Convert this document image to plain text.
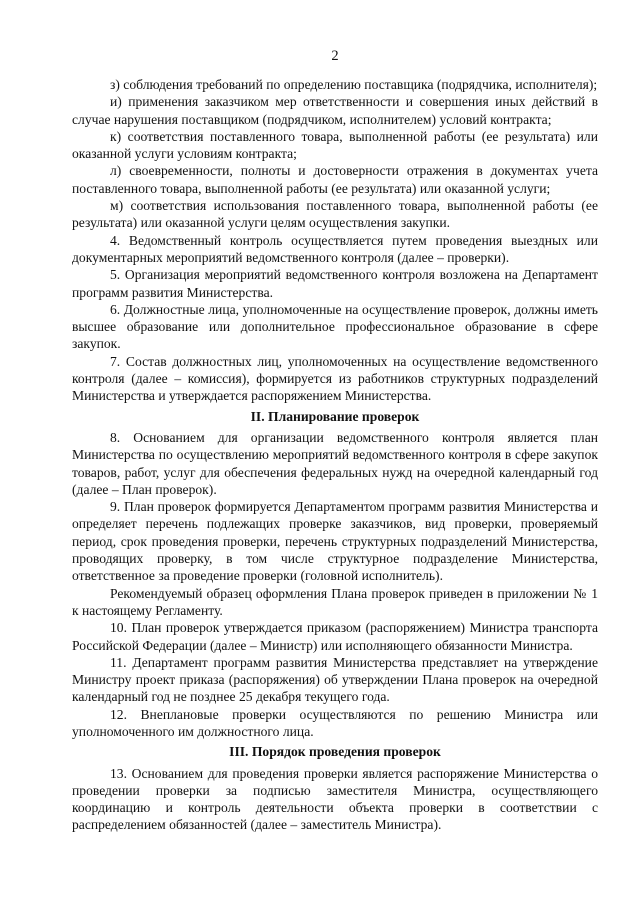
2

з) соблюдения требований по определению поставщика (подрядчика, исполнителя);

и) применения заказчиком мер ответственности и совершения иных действий в случае нарушения поставщиком (подрядчиком, исполнителем) условий контракта;

к) соответствия поставленного товара, выполненной работы (ее результата) или оказанной услуги условиям контракта;

л) своевременности, полноты и достоверности отражения в документах учета поставленного товара, выполненной работы (ее результата) или оказанной услуги;

м) соответствия использования поставленного товара, выполненной работы (ее результата) или оказанной услуги целям осуществления закупки.

4. Ведомственный контроль осуществляется путем проведения выездных или документарных мероприятий ведомственного контроля (далее – проверки).

5. Организация мероприятий ведомственного контроля возложена на Департамент программ развития Министерства.

6. Должностные лица, уполномоченные на осуществление проверок, должны иметь высшее образование или дополнительное профессиональное образование в сфере закупок.

7. Состав должностных лиц, уполномоченных на осуществление ведомственного контроля (далее – комиссия), формируется из работников структурных подразделений Министерства и утверждается распоряжением Министерства.

II. Планирование проверок

8. Основанием для организации ведомственного контроля является план Министерства по осуществлению мероприятий ведомственного контроля в сфере закупок товаров, работ, услуг для обеспечения федеральных нужд на очередной календарный год (далее – План проверок).

9. План проверок формируется Департаментом программ развития Министерства и определяет перечень подлежащих проверке заказчиков, вид проверки, проверяемый период, срок проведения проверки, перечень структурных подразделений Министерства, проводящих проверку, в том числе структурное подразделение Министерства, ответственное за проведение проверки (головной исполнитель).

Рекомендуемый образец оформления Плана проверок приведен в приложении № 1 к настоящему Регламенту.

10. План проверок утверждается приказом (распоряжением) Министра транспорта Российской Федерации (далее – Министр) или исполняющего обязанности Министра.

11. Департамент программ развития Министерства представляет на утверждение Министру проект приказа (распоряжения) об утверждении Плана проверок на очередной календарный год не позднее 25 декабря текущего года.

12. Внеплановые проверки осуществляются по решению Министра или уполномоченного им должностного лица.

III. Порядок проведения проверок

13. Основанием для проведения проверки является распоряжение Министерства о проведении проверки за подписью заместителя Министра, осуществляющего координацию и контроль деятельности объекта проверки в соответствии с распределением обязанностей (далее – заместитель Министра).
